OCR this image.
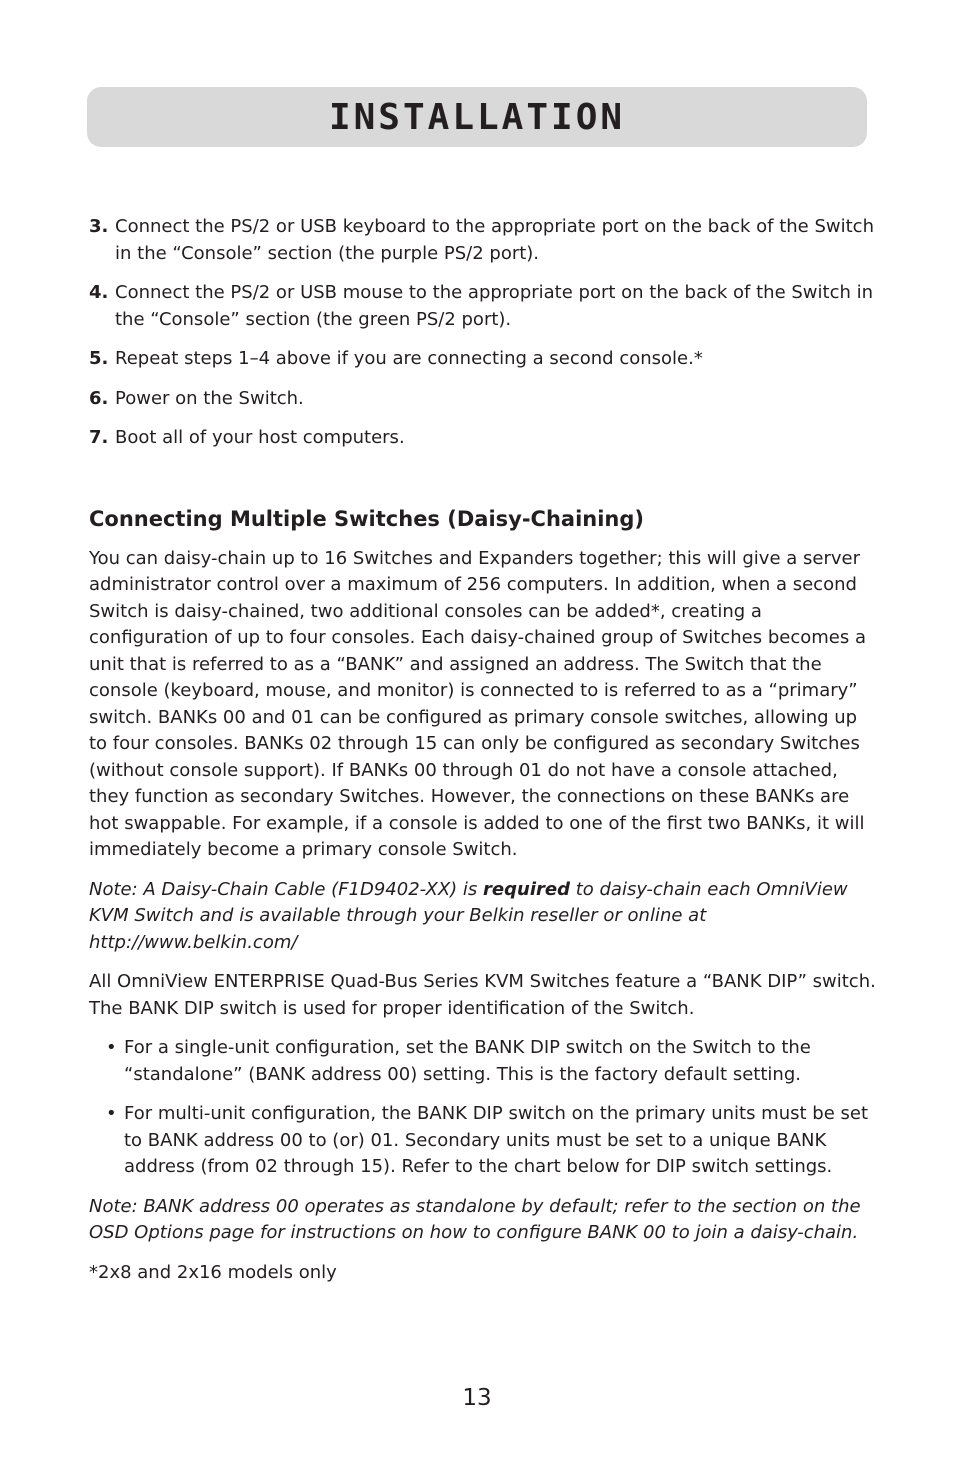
INSTALLATION
3. Connect the PS/2 or USB keyboard to the appropriate port on the back of the Switch in the “Console” section (the purple PS/2 port).
4. Connect the PS/2 or USB mouse to the appropriate port on the back of the Switch in the “Console” section (the green PS/2 port).
5. Repeat steps 1–4 above if you are connecting a second console.*
6. Power on the Switch.
7. Boot all of your host computers.
Connecting Multiple Switches (Daisy-Chaining)

You can daisy-chain up to 16 Switches and Expanders together; this will give a server administrator control over a maximum of 256 computers. In addition, when a second Switch is daisy-chained, two additional consoles can be added*, creating a configuration of up to four consoles. Each daisy-chained group of Switches becomes a unit that is referred to as a “BANK” and assigned an address. The Switch that the console (keyboard, mouse, and monitor) is connected to is referred to as a “primary” switch. BANKs 00 and 01 can be configured as primary console switches, allowing up to four consoles. BANKs 02 through 15 can only be configured as secondary Switches (without console support). If BANKs 00 through 01 do not have a console attached, they function as secondary Switches. However, the connections on these BANKs are hot swappable. For example, if a console is added to one of the first two BANKs, it will immediately become a primary console Switch.

Note: A Daisy-Chain Cable (F1D9402-XX) is required to daisy-chain each OmniView KVM Switch and is available through your Belkin reseller or online at http://www.belkin.com/

All OmniView ENTERPRISE Quad-Bus Series KVM Switches feature a “BANK DIP” switch. The BANK DIP switch is used for proper identification of the Switch.

• For a single-unit configuration, set the BANK DIP switch on the Switch to the “standalone” (BANK address 00) setting. This is the factory default setting.
• For multi-unit configuration, the BANK DIP switch on the primary units must be set to BANK address 00 to (or) 01. Secondary units must be set to a unique BANK address (from 02 through 15). Refer to the chart below for DIP switch settings.

Note: BANK address 00 operates as standalone by default; refer to the section on the OSD Options page for instructions on how to configure BANK 00 to join a daisy-chain.

*2x8 and 2x16 models only

13
